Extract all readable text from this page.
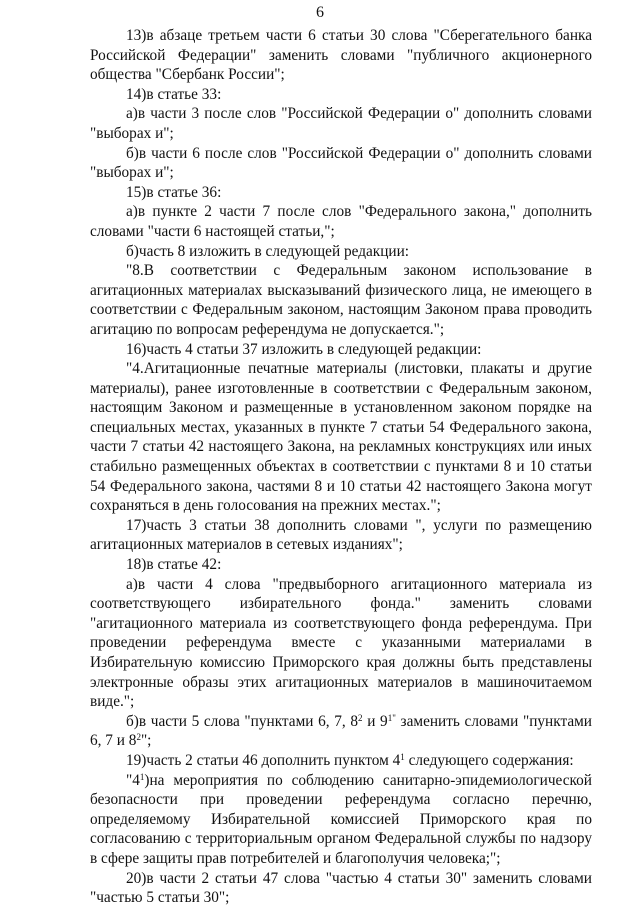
6

13)в абзаце третьем части 6 статьи 30 слова "Сберегательного банка Российской Федерации" заменить словами "публичного акционерного общества "Сбербанк России";

14)в статье 33:

а)в части 3 после слов "Российской Федерации о" дополнить словами "выборах и";

б)в части 6 после слов "Российской Федерации о" дополнить словами "выборах и";

15)в статье 36:

а)в пункте 2 части 7 после слов "Федерального закона," дополнить словами "части 6 настоящей статьи,";

б)часть 8 изложить в следующей редакции:

"8.В соответствии с Федеральным законом использование в агитационных материалах высказываний физического лица, не имеющего в соответствии с Федеральным законом, настоящим Законом права проводить агитацию по вопросам референдума не допускается.";

16)часть 4 статьи 37 изложить в следующей редакции:

"4.Агитационные печатные материалы (листовки, плакаты и другие материалы), ранее изготовленные в соответствии с Федеральным законом, настоящим Законом и размещенные в установленном законом порядке на специальных местах, указанных в пункте 7 статьи 54 Федерального закона, части 7 статьи 42 настоящего Закона, на рекламных конструкциях или иных стабильно размещенных объектах в соответствии с пунктами 8 и 10 статьи 54 Федерального закона, частями 8 и 10 статьи 42 настоящего Закона могут сохраняться в день голосования на прежних местах.";

17)часть 3 статьи 38 дополнить словами ", услуги по размещению агитационных материалов в сетевых изданиях";

18)в статье 42:

а)в части 4 слова "предвыборного агитационного материала из соответствующего избирательного фонда." заменить словами "агитационного материала из соответствующего фонда референдума. При проведении референдума вместе с указанными материалами в Избирательную комиссию Приморского края должны быть представлены электронные образы этих агитационных материалов в машиночитаемом виде.";

б)в части 5 слова "пунктами 6, 7, $8^2$ и $9^{1"}$ заменить словами "пунктами 6, 7 и $8^2$";

19)часть 2 статьи 46 дополнить пунктом $4^1$ следующего содержания:

"$4^1)на$ мероприятия по соблюдению санитарно-эпидемиологической безопасности при проведении референдума согласно перечню, определяемому Избирательной комиссией Приморского края по согласованию с территориальным органом Федеральной службы по надзору в сфере защиты прав потребителей и благополучия человека;";

20)в части 2 статьи 47 слова "частью 4 статьи 30" заменить словами "частью 5 статьи 30";
